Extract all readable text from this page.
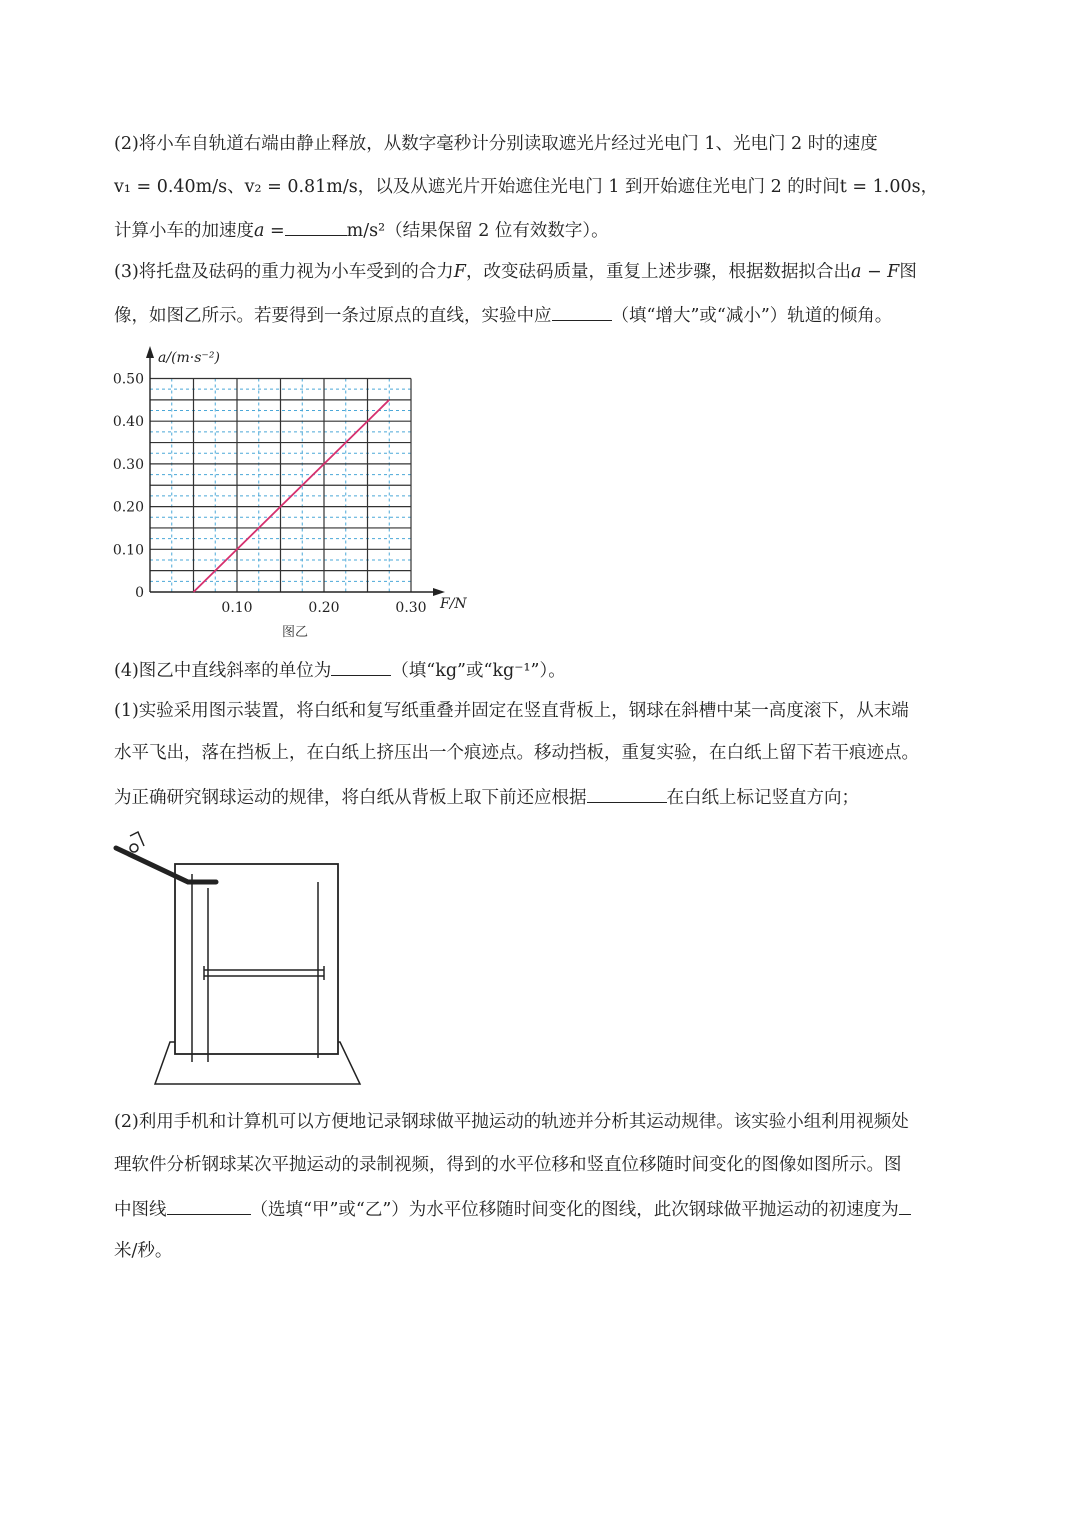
(2)将小车自轨道右端由静止释放，从数字毫秒计分别读取遮光片经过光电门 1、光电门 2 时的速度
v₁ = 0.40m/s、v₂ = 0.81m/s，以及从遮光片开始遮住光电门 1 到开始遮住光电门 2 的时间t = 1.00s，
计算小车的加速度a =	m/s²（结果保留 2 位有效数字）。
(3)将托盘及砝码的重力视为小车受到的合力F，改变砝码质量，重复上述步骤，根据数据拟合出a − F图
像，如图乙所示。若要得到一条过原点的直线，实验中应	（填“增大”或“减小”）轨道的倾角。
0.10	0.20	0.30
0
0.10
0.20
0.30
0.40
0.50
a/(m·s⁻²)
F/N
图乙
(4)图乙中直线斜率的单位为	（填“kg”或“kg⁻¹”）。
(1)实验采用图示装置，将白纸和复写纸重叠并固定在竖直背板上，钢球在斜槽中某一高度滚下，从末端
水平飞出，落在挡板上，在白纸上挤压出一个痕迹点。移动挡板，重复实验，在白纸上留下若干痕迹点。
为正确研究钢球运动的规律，将白纸从背板上取下前还应根据	在白纸上标记竖直方向；
(2)利用手机和计算机可以方便地记录钢球做平抛运动的轨迹并分析其运动规律。该实验小组利用视频处
理软件分析钢球某次平抛运动的录制视频，得到的水平位移和竖直位移随时间变化的图像如图所示。图
中图线	（选填“甲”或“乙”）为水平位移随时间变化的图线，此次钢球做平抛运动的初速度为
米/秒。
